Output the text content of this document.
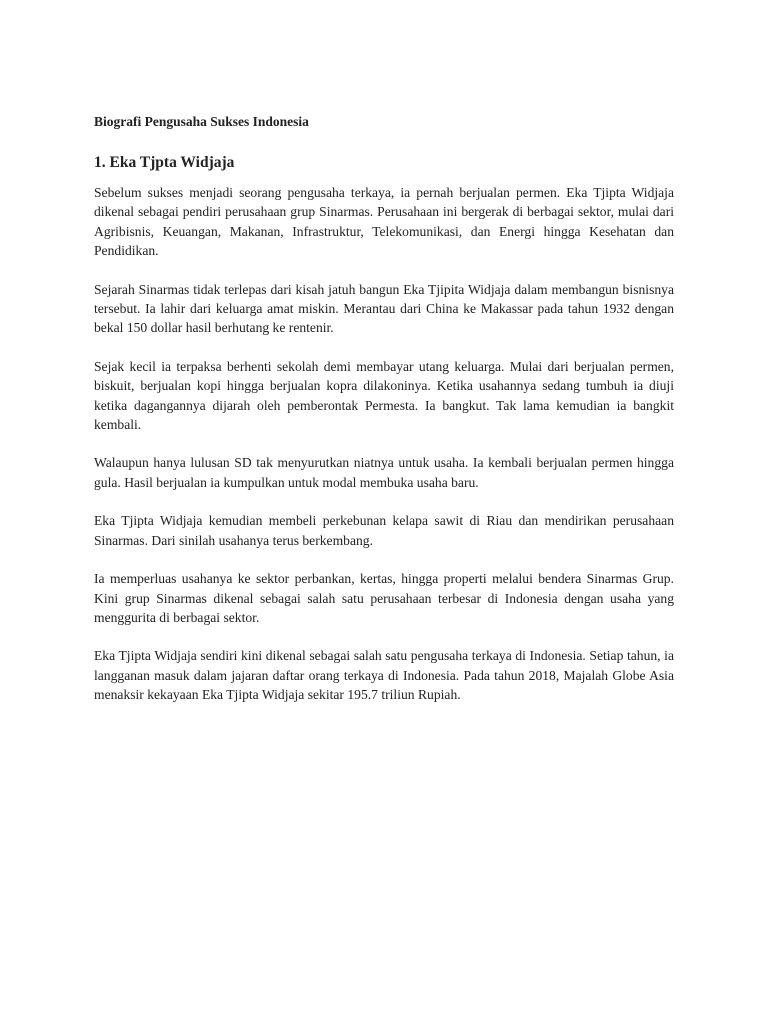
Biografi Pengusaha Sukses Indonesia
1. Eka Tjpta Widjaja

Sebelum sukses menjadi seorang pengusaha terkaya, ia pernah berjualan permen. Eka Tjipta Widjaja dikenal sebagai pendiri perusahaan grup Sinarmas. Perusahaan ini bergerak di berbagai sektor, mulai dari Agribisnis, Keuangan, Makanan, Infrastruktur, Telekomunikasi, dan Energi hingga Kesehatan dan Pendidikan.

Sejarah Sinarmas tidak terlepas dari kisah jatuh bangun Eka Tjipita Widjaja dalam membangun bisnisnya tersebut. Ia lahir dari keluarga amat miskin. Merantau dari China ke Makassar pada tahun 1932 dengan bekal 150 dollar hasil berhutang ke rentenir.

Sejak kecil ia terpaksa berhenti sekolah demi membayar utang keluarga. Mulai dari berjualan permen, biskuit, berjualan kopi hingga berjualan kopra dilakoninya. Ketika usahannya sedang tumbuh ia diuji ketika dagangannya dijarah oleh pemberontak Permesta. Ia bangkut. Tak lama kemudian ia bangkit kembali.

Walaupun hanya lulusan SD tak menyurutkan niatnya untuk usaha. Ia kembali berjualan permen hingga gula. Hasil berjualan ia kumpulkan untuk modal membuka usaha baru.

Eka Tjipta Widjaja kemudian membeli perkebunan kelapa sawit di Riau dan mendirikan perusahaan Sinarmas. Dari sinilah usahanya terus berkembang.

Ia memperluas usahanya ke sektor perbankan, kertas, hingga properti melalui bendera Sinarmas Grup. Kini grup Sinarmas dikenal sebagai salah satu perusahaan terbesar di Indonesia dengan usaha yang menggurita di berbagai sektor.

Eka Tjipta Widjaja sendiri kini dikenal sebagai salah satu pengusaha terkaya di Indonesia. Setiap tahun, ia langganan masuk dalam jajaran daftar orang terkaya di Indonesia. Pada tahun 2018, Majalah Globe Asia menaksir kekayaan Eka Tjipta Widjaja sekitar 195.7 triliun Rupiah.
